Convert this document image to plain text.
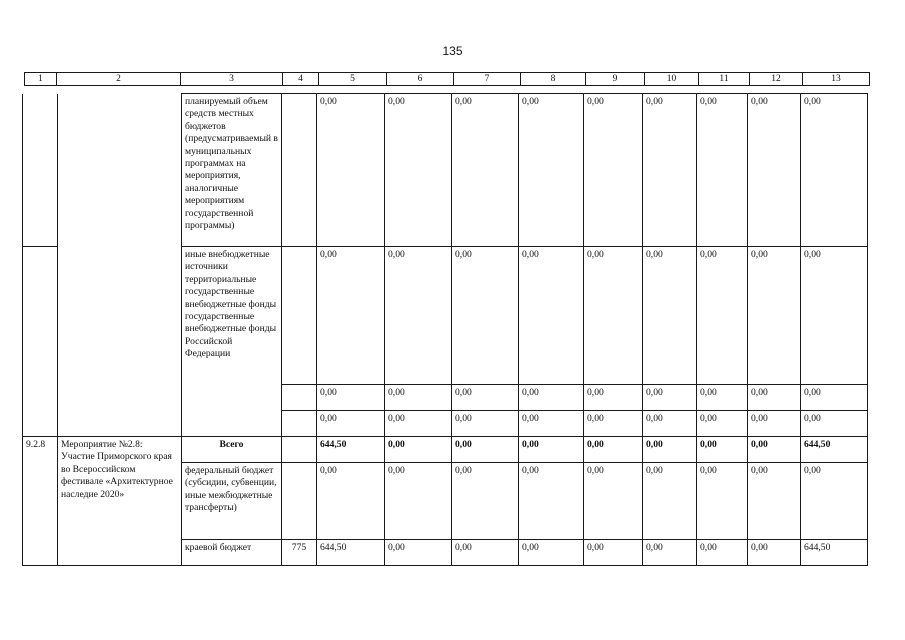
135
1	2	3	4	5	6	7	8	9	10	11	12	13
		планируемый объем средств местных бюджетов (предусматриваемый в муниципальных программах на мероприятия, аналогичные мероприятиям государственной программы)		0,00	0,00	0,00	0,00	0,00	0,00	0,00	0,00	0,00
		иные внебюджетные источники территориальные государственные внебюджетные фонды государственные внебюджетные фонды Российской Федерации		0,00	0,00	0,00	0,00	0,00	0,00	0,00	0,00	0,00
				0,00	0,00	0,00	0,00	0,00	0,00	0,00	0,00	0,00
				0,00	0,00	0,00	0,00	0,00	0,00	0,00	0,00	0,00
9.2.8	Мероприятие №2.8: Участие Приморского края во Всероссийском фестивале «Архитектурное наследие 2020»	Всего		644,50	0,00	0,00	0,00	0,00	0,00	0,00	0,00	644,50
		федеральный бюджет (субсидии, субвенции, иные межбюджетные трансферты)		0,00	0,00	0,00	0,00	0,00	0,00	0,00	0,00	0,00
		краевой бюджет	775	644,50	0,00	0,00	0,00	0,00	0,00	0,00	0,00	644,50
